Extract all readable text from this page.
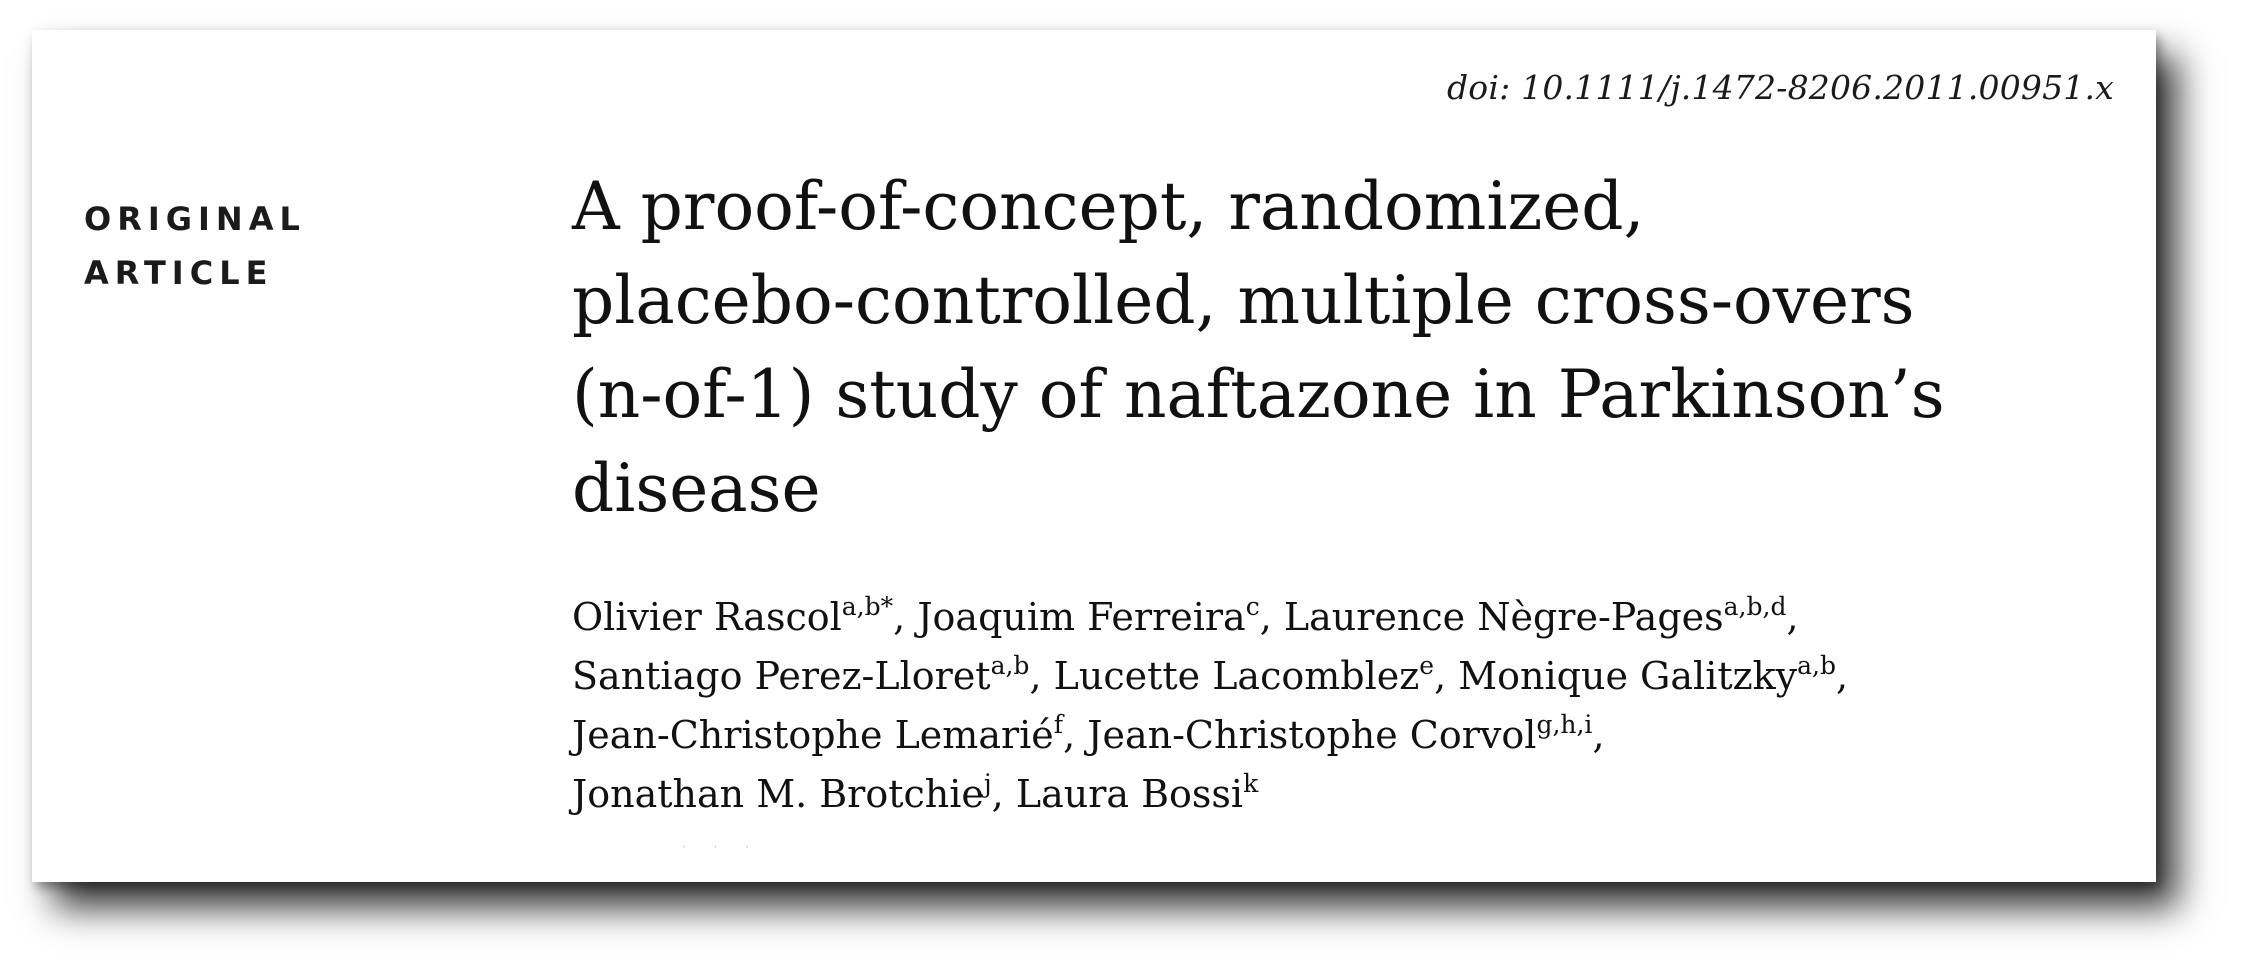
doi: 10.1111/j.1472-8206.2011.00951.x
ORIGINAL
ARTICLE
A proof-of-concept, randomized,
placebo-controlled, multiple cross-overs
(n-of-1) study of naftazone in Parkinson’s
disease
Olivier Rascol$^{a,b*}$, Joaquim Ferreira$^c$, Laurence Nègre-Pages$^{a,b,d}$,
Santiago Perez-Lloret$^{a,b}$, Lucette Lacomblez$^e$, Monique Galitzky$^{a,b}$,
Jean-Christophe Lemarié$^f$, Jean-Christophe Corvol$^{g,h,i}$,
Jonathan M. Brotchie$^j$, Laura Bossi$^k$
· · ·
